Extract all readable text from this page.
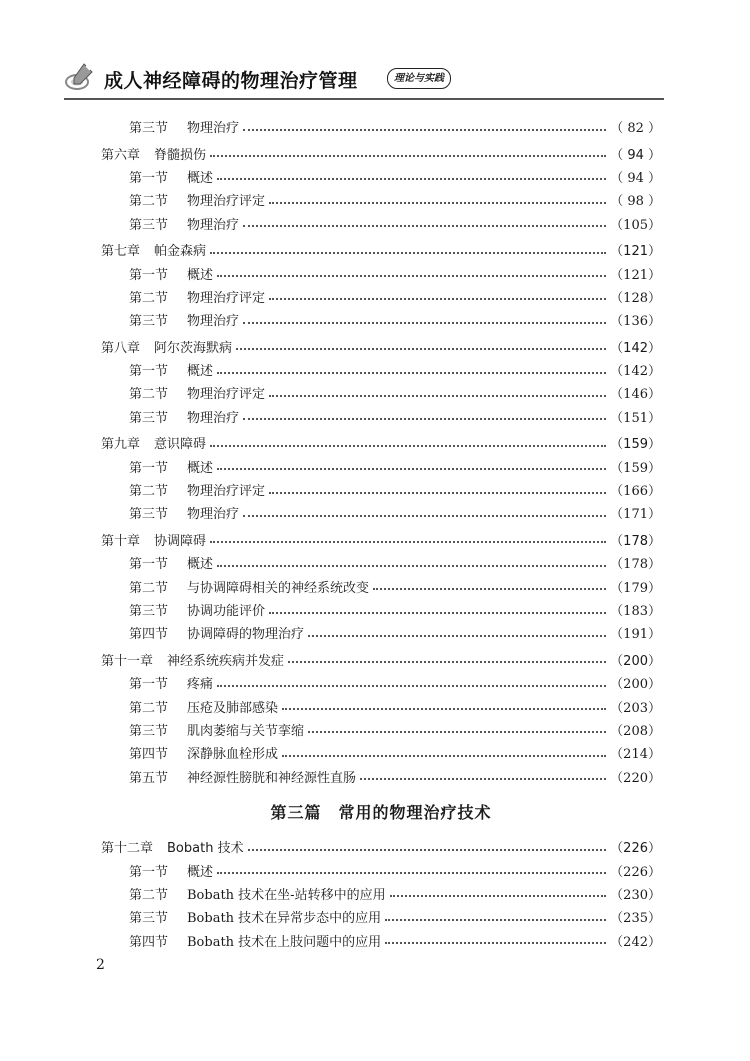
成人神经障碍的物理治疗管理	理论与实践
第三节	物理治疗	（ 82 ）
第六章 脊髓损伤	（ 94 ）
第一节	概述	（ 94 ）
第二节	物理治疗评定	（ 98 ）
第三节	物理治疗	（105）
第七章 帕金森病	（121）
第一节	概述	（121）
第二节	物理治疗评定	（128）
第三节	物理治疗	（136）
第八章 阿尔茨海默病	（142）
第一节	概述	（142）
第二节	物理治疗评定	（146）
第三节	物理治疗	（151）
第九章 意识障碍	（159）
第一节	概述	（159）
第二节	物理治疗评定	（166）
第三节	物理治疗	（171）
第十章 协调障碍	（178）
第一节	概述	（178）
第二节	与协调障碍相关的神经系统改变	（179）
第三节	协调功能评价	（183）
第四节	协调障碍的物理治疗	（191）
第十一章 神经系统疾病并发症	（200）
第一节	疼痛	（200）
第二节	压疮及肺部感染	（203）
第三节	肌肉萎缩与关节挛缩	（208）
第四节	深静脉血栓形成	（214）
第五节	神经源性膀胱和神经源性直肠	（220）
第三篇　常用的物理治疗技术
第十二章 Bobath 技术	（226）
第一节	概述	（226）
第二节	Bobath 技术在坐-站转移中的应用	（230）
第三节	Bobath 技术在异常步态中的应用	（235）
第四节	Bobath 技术在上肢问题中的应用	（242）
2
